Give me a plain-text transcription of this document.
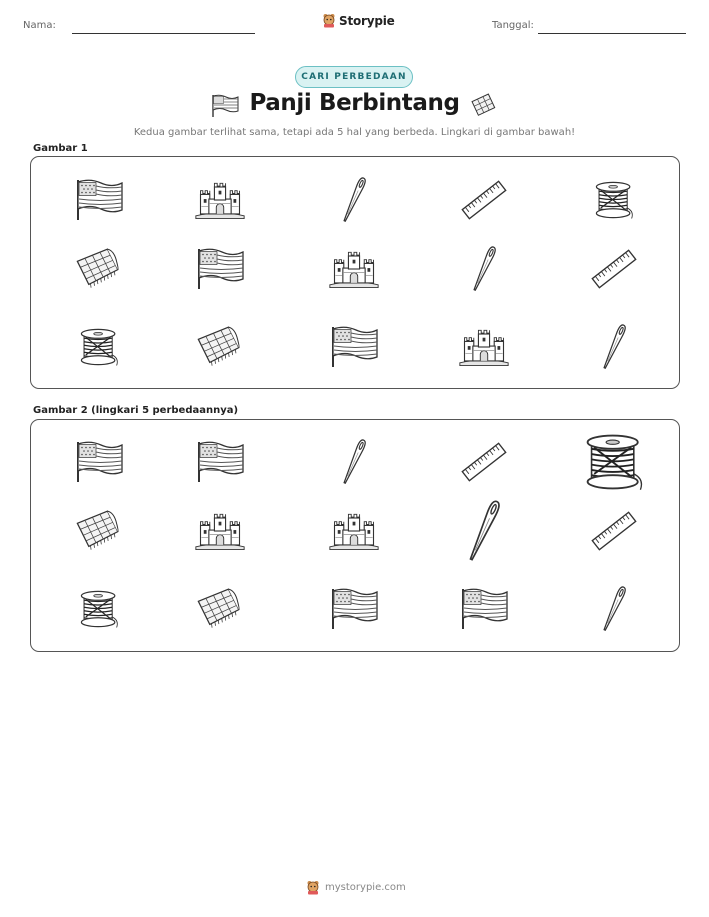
Nama:	Storypie	Tanggal:
CARI PERBEDAAN
Panji Berbintang
Kedua gambar terlihat sama, tetapi ada 5 hal yang berbeda. Lingkari di gambar bawah!
Gambar 1
Gambar 2 (lingkari 5 perbedaannya)
mystorypie.com
